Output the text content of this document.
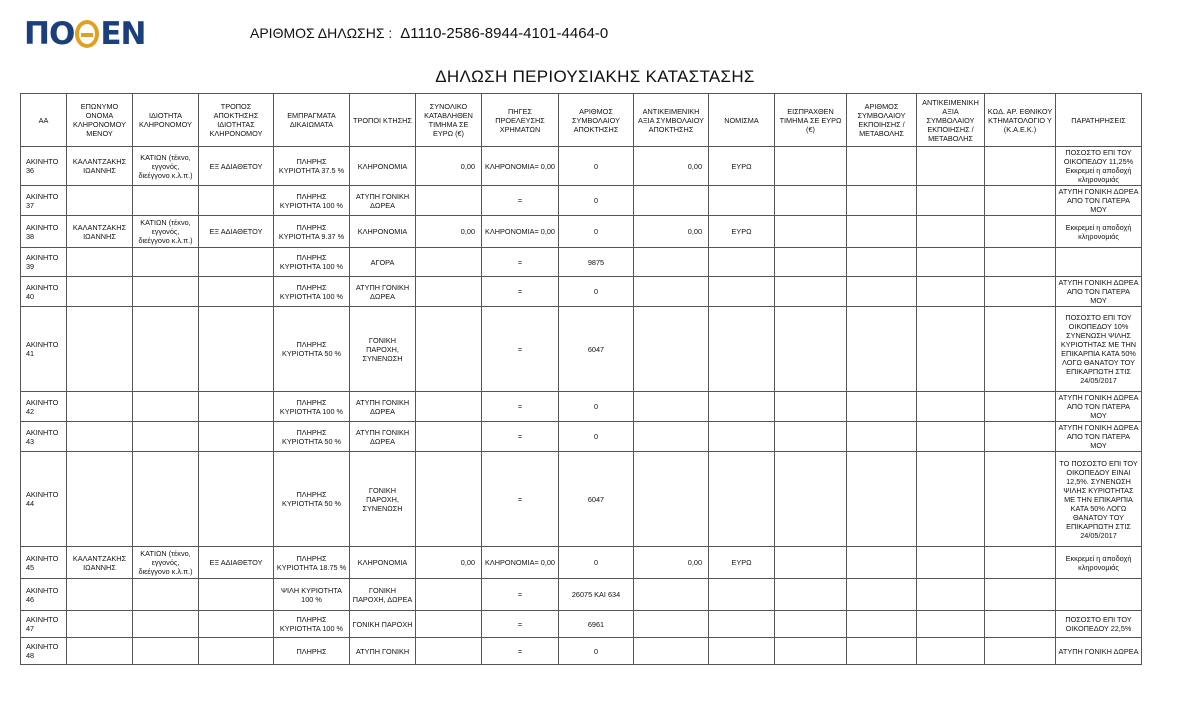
ΠΟ ΕΝ	ΑΡΙΘΜΟΣ ΔΗΛΩΣΗΣ : Δ1110-2586-8944-4101-4464-0
ΔΗΛΩΣΗ ΠΕΡΙΟΥΣΙΑΚΗΣ ΚΑΤΑΣΤΑΣΗΣ
ΑΑ	ΕΠΩΝΥΜΟ ΟΝΟΜΑ ΚΛΗΡΟΝΟΜΟΥ ΜΕΝΟΥ	ΙΔΙΟΤΗΤΑ ΚΛΗΡΟΝΟΜΟΥ	ΤΡΟΠΟΣ ΑΠΟΚΤΗΣΗΣ ΙΔΙΟΤΗΤΑΣ ΚΛΗΡΟΝΟΜΟΥ	ΕΜΠΡΑΓΜΑΤΑ ΔΙΚΑΙΩΜΑΤΑ	ΤΡΟΠΟΙ ΚΤΗΣΗΣ	ΣΥΝΟΛΙΚΟ ΚΑΤΑΒΛΗΘΕΝ ΤΙΜΗΜΑ ΣΕ ΕΥΡΩ (€)	ΠΗΓΕΣ ΠΡΟΕΛΕΥΣΗΣ ΧΡΗΜΑΤΩΝ	ΑΡΙΘΜΟΣ ΣΥΜΒΟΛΑΙΟΥ ΑΠΟΚΤΗΣΗΣ	ΑΝΤΙΚΕΙΜΕΝΙΚΗ ΑΞΙΑ ΣΥΜΒΟΛΑΙΟΥ ΑΠΟΚΤΗΣΗΣ	ΝΟΜΙΣΜΑ	ΕΙΣΠΡΑΧΘΕΝ ΤΙΜΗΜΑ ΣΕ ΕΥΡΩ (€)	ΑΡΙΘΜΟΣ ΣΥΜΒΟΛΑΙΟΥ ΕΚΠΟΙΗΣΗΣ /ΜΕΤΑΒΟΛΗΣ	ΑΝΤΙΚΕΙΜΕΝΙΚΗ ΑΞΙΑ ΣΥΜΒΟΛΑΙΟΥ ΕΚΠΟΙΗΣΗΣ / ΜΕΤΑΒΟΛΗΣ	ΚΩΔ. ΑΡ. ΕΘΝΙΚΟΥ ΚΤΗΜΑΤΟΛΟΓΙΟ Υ (Κ.Α.Ε.Κ.)	ΠΑΡΑΤΗΡΗΣΕΙΣ
ΑΚΙΝΗΤΟ 36	ΚΑΛΑΝΤΖΑΚΗΣ ΙΩΑΝΝΗΣ	ΚΑΤΙΩΝ (τέκνο, εγγονός, διεέγγονο κ.λ.π.)	ΕΞ ΑΔΙΑΘΕΤΟΥ	ΠΛΗΡΗΣ ΚΥΡΙΟΤΗΤΑ 37.5 %	ΚΛΗΡΟΝΟΜΙΑ	0,00	ΚΛΗΡΟΝΟΜΙΑ= 0,00	0	0,00	ΕΥΡΩ					ΠΟΣΟΣΤΟ ΕΠΙ ΤΟΥ ΟΙΚΟΠΕΔΟΥ 11,25% Εκκρεμεί η αποδοχή κληρονομιάς
ΑΚΙΝΗΤΟ 37				ΠΛΗΡΗΣ ΚΥΡΙΟΤΗΤΑ 100 %	ΑΤΥΠΗ ΓΟΝΙΚΗ ΔΩΡΕΑ		=	0							ΑΤΥΠΗ ΓΟΝΙΚΗ ΔΩΡΕΑ ΑΠΟ ΤΟΝ ΠΑΤΕΡΑ ΜΟΥ
ΑΚΙΝΗΤΟ 38	ΚΑΛΑΝΤΖΑΚΗΣ ΙΩΑΝΝΗΣ	ΚΑΤΙΩΝ (τέκνο, εγγονός, διεέγγονο κ.λ.π.)	ΕΞ ΑΔΙΑΘΕΤΟΥ	ΠΛΗΡΗΣ ΚΥΡΙΟΤΗΤΑ 9.37 %	ΚΛΗΡΟΝΟΜΙΑ	0,00	ΚΛΗΡΟΝΟΜΙΑ= 0,00	0	0,00	ΕΥΡΩ					Εκκρεμεί η αποδοχή κληρονομιάς
ΑΚΙΝΗΤΟ 39				ΠΛΗΡΗΣ ΚΥΡΙΟΤΗΤΑ 100 %	ΑΓΟΡΑ		=	9875							
ΑΚΙΝΗΤΟ 40				ΠΛΗΡΗΣ ΚΥΡΙΟΤΗΤΑ 100 %	ΑΤΥΠΗ ΓΟΝΙΚΗ ΔΩΡΕΑ		=	0							ΑΤΥΠΗ ΓΟΝΙΚΗ ΔΩΡΕΑ ΑΠΟ ΤΟΝ ΠΑΤΕΡΑ ΜΟΥ
ΑΚΙΝΗΤΟ 41				ΠΛΗΡΗΣ ΚΥΡΙΟΤΗΤΑ 50 %	ΓΟΝΙΚΗ ΠΑΡΟΧΗ, ΣΥΝΕΝΩΣΗ		=	6047							ΠΟΣΟΣΤΟ ΕΠΙ ΤΟΥ ΟΙΚΟΠΕΔΟΥ 10% ΣΥΝΕΝΩΣΗ ΨΙΛΗΣ ΚΥΡΙΟΤΗΤΑΣ ΜΕ ΤΗΝ ΕΠΙΚΑΡΠΙΑ ΚΑΤΑ 50% ΛΟΓΩ ΘΑΝΑΤΟΥ ΤΟΥ ΕΠΙΚΑΡΠΩΤΗ ΣΤΙΣ 24/05/2017
ΑΚΙΝΗΤΟ 42				ΠΛΗΡΗΣ ΚΥΡΙΟΤΗΤΑ 100 %	ΑΤΥΠΗ ΓΟΝΙΚΗ ΔΩΡΕΑ		=	0							ΑΤΥΠΗ ΓΟΝΙΚΗ ΔΩΡΕΑ ΑΠΟ ΤΟΝ ΠΑΤΕΡΑ ΜΟΥ
ΑΚΙΝΗΤΟ 43				ΠΛΗΡΗΣ ΚΥΡΙΟΤΗΤΑ 50 %	ΑΤΥΠΗ ΓΟΝΙΚΗ ΔΩΡΕΑ		=	0							ΑΤΥΠΗ ΓΟΝΙΚΗ ΔΩΡΕΑ ΑΠΟ ΤΟΝ ΠΑΤΕΡΑ ΜΟΥ
ΑΚΙΝΗΤΟ 44				ΠΛΗΡΗΣ ΚΥΡΙΟΤΗΤΑ 50 %	ΓΟΝΙΚΗ ΠΑΡΟΧΗ, ΣΥΝΕΝΩΣΗ		=	6047							ΤΟ ΠΟΣΟΣΤΟ ΕΠΙ ΤΟΥ ΟΙΚΟΠΕΔΟΥ ΕΙΝΑΙ 12,5%. ΣΥΝΕΝΩΣΗ ΨΙΛΗΣ ΚΥΡΙΟΤΗΤΑΣ ΜΕ ΤΗΝ ΕΠΙΚΑΡΠΙΑ ΚΑΤΑ 50% ΛΟΓΩ ΘΑΝΑΤΟΥ ΤΟΥ ΕΠΙΚΑΡΠΩΤΗ ΣΤΙΣ 24/05/2017
ΑΚΙΝΗΤΟ 45	ΚΑΛΑΝΤΖΑΚΗΣ ΙΩΑΝΝΗΣ	ΚΑΤΙΩΝ (τέκνο, εγγονός, διεέγγονο κ.λ.π.)	ΕΞ ΑΔΙΑΘΕΤΟΥ	ΠΛΗΡΗΣ ΚΥΡΙΟΤΗΤΑ 18.75 %	ΚΛΗΡΟΝΟΜΙΑ	0,00	ΚΛΗΡΟΝΟΜΙΑ= 0,00	0	0,00	ΕΥΡΩ					Εκκρεμεί η αποδοχή κληρονομιάς
ΑΚΙΝΗΤΟ 46				ΨΙΛΗ ΚΥΡΙΟΤΗΤΑ 100 %	ΓΟΝΙΚΗ ΠΑΡΟΧΗ, ΔΩΡΕΑ		=	26075 ΚΑΙ 634							
ΑΚΙΝΗΤΟ 47				ΠΛΗΡΗΣ ΚΥΡΙΟΤΗΤΑ 100 %	ΓΟΝΙΚΗ ΠΑΡΟΧΗ		=	6961							ΠΟΣΟΣΤΟ ΕΠΙ ΤΟΥ ΟΙΚΟΠΕΔΟΥ 22,5%
ΑΚΙΝΗΤΟ 48				ΠΛΗΡΗΣ	ΑΤΥΠΗ ΓΟΝΙΚΗ		=	0							ΑΤΥΠΗ ΓΟΝΙΚΗ ΔΩΡΕΑ
